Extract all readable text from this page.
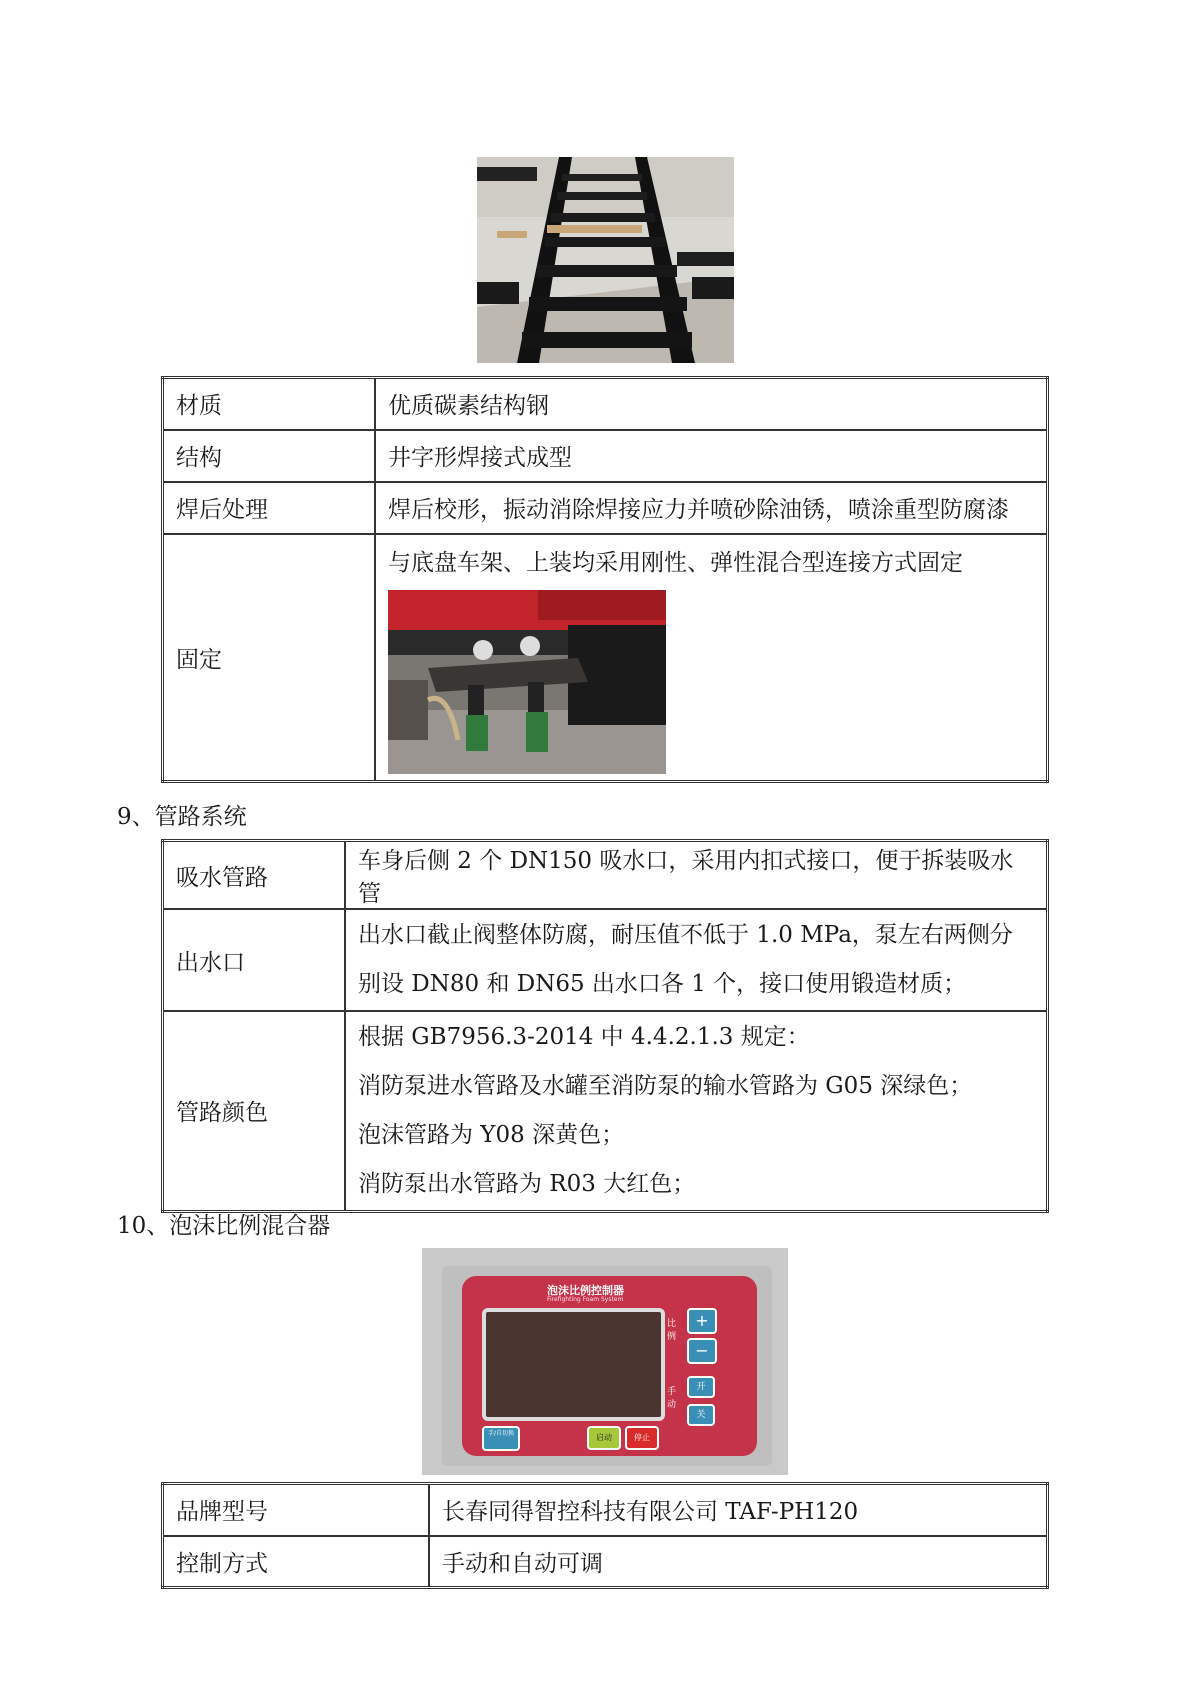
材质	优质碳素结构钢
结构	井字形焊接式成型
焊后处理	焊后校形，振动消除焊接应力并喷砂除油锈，喷涂重型防腐漆
固定	与底盘车架、上装均采用刚性、弹性混合型连接方式固定
9、管路系统
吸水管路	车身后侧 2 个 DN150 吸水口，采用内扣式接口，便于拆装吸水管
出水口	出水口截止阀整体防腐，耐压值不低于 1.0 MPa，泵左右两侧分
别设 DN80 和 DN65 出水口各 1 个，接口使用锻造材质；

管路颜色	根据 GB7956.3-2014 中 4.4.2.1.3 规定：
消防泵进水管路及水罐至消防泵的输水管路为 G05 深绿色；
泡沫管路为 Y08 深黄色；
消防泵出水管路为 R03 大红色；
10、泡沫比例混合器
泡沫比例控制器
Firefighting Foam System
比例
+
−
手动
开
关
手/自切换	启动	停止
品牌型号	长春同得智控科技有限公司 TAF-PH120
控制方式	手动和自动可调
